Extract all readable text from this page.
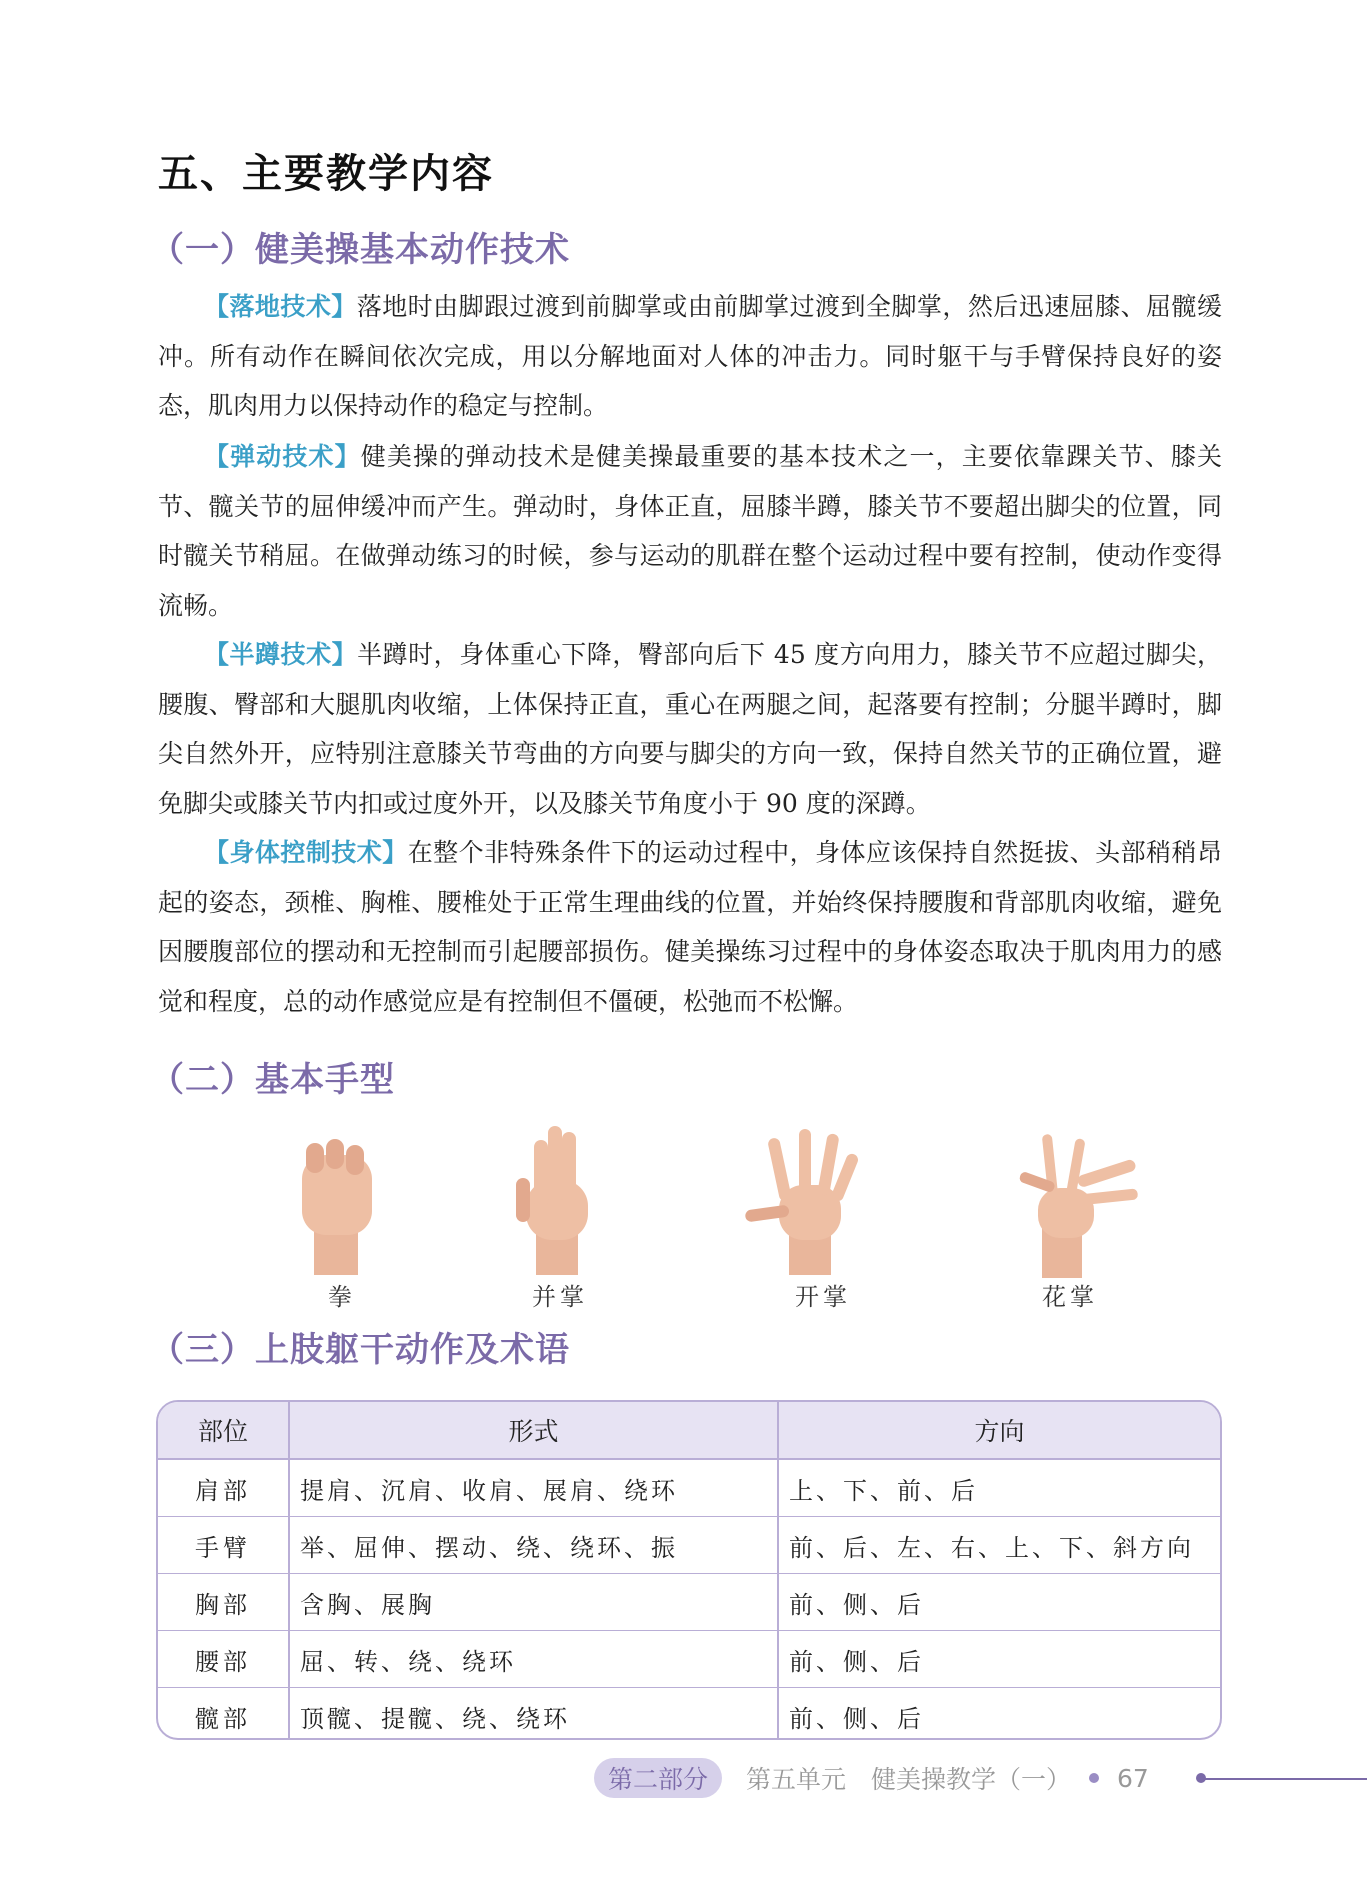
五、主要教学内容
（一）健美操基本动作技术
【落地技术】落地时由脚跟过渡到前脚掌或由前脚掌过渡到全脚掌，然后迅速屈膝、屈髋缓冲。所有动作在瞬间依次完成，用以分解地面对人体的冲击力。同时躯干与手臂保持良好的姿态，肌肉用力以保持动作的稳定与控制。
【弹动技术】健美操的弹动技术是健美操最重要的基本技术之一，主要依靠踝关节、膝关节、髋关节的屈伸缓冲而产生。弹动时，身体正直，屈膝半蹲，膝关节不要超出脚尖的位置，同时髋关节稍屈。在做弹动练习的时候，参与运动的肌群在整个运动过程中要有控制，使动作变得流畅。
【半蹲技术】半蹲时，身体重心下降，臀部向后下 45 度方向用力，膝关节不应超过脚尖，腰腹、臀部和大腿肌肉收缩，上体保持正直，重心在两腿之间，起落要有控制；分腿半蹲时，脚尖自然外开，应特别注意膝关节弯曲的方向要与脚尖的方向一致，保持自然关节的正确位置，避免脚尖或膝关节内扣或过度外开，以及膝关节角度小于 90 度的深蹲。
【身体控制技术】在整个非特殊条件下的运动过程中，身体应该保持自然挺拔、头部稍稍昂起的姿态，颈椎、胸椎、腰椎处于正常生理曲线的位置，并始终保持腰腹和背部肌肉收缩，避免因腰腹部位的摆动和无控制而引起腰部损伤。健美操练习过程中的身体姿态取决于肌肉用力的感觉和程度，总的动作感觉应是有控制但不僵硬，松弛而不松懈。
（二）基本手型
拳	并掌	开掌	花掌
（三）上肢躯干动作及术语
部位	形式	方向
肩部	提肩、沉肩、收肩、展肩、绕环	上、下、前、后
手臂	举、屈伸、摆动、绕、绕环、振	前、后、左、右、上、下、斜方向
胸部	含胸、展胸	前、侧、后
腰部	屈、转、绕、绕环	前、侧、后
髋部	顶髋、提髋、绕、绕环	前、侧、后
第二部分	第五单元　健美操教学（一） 67
